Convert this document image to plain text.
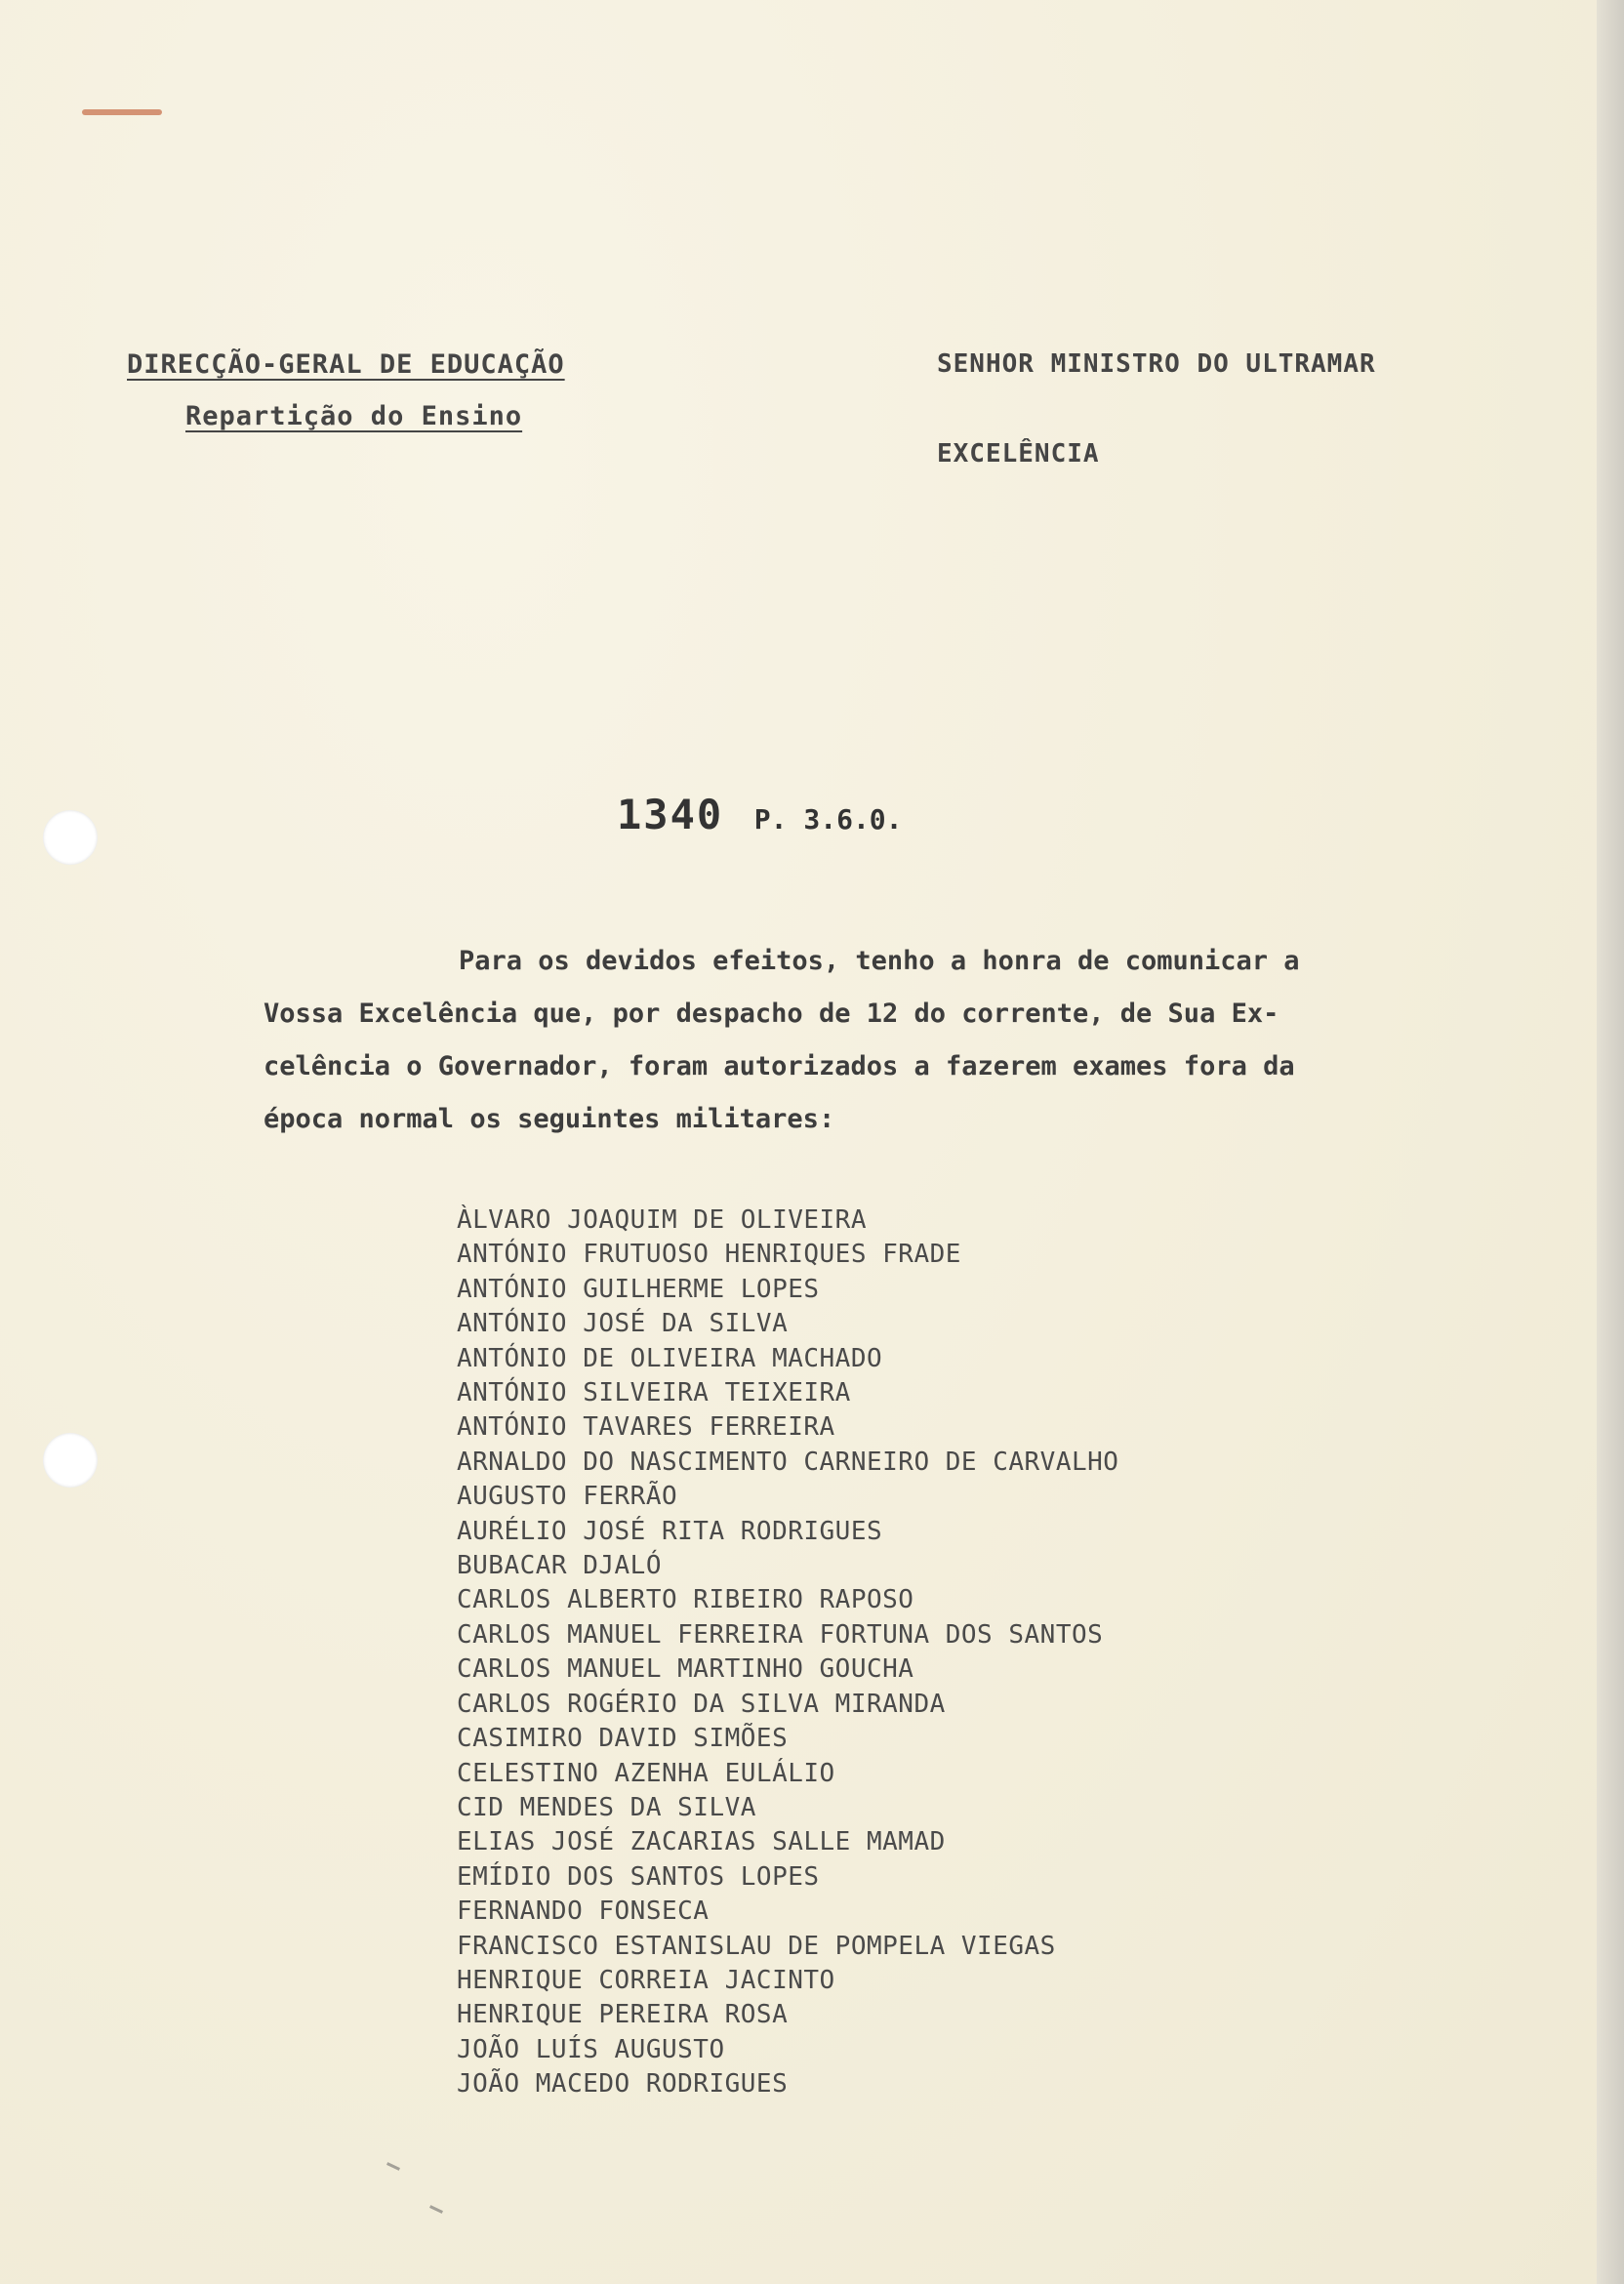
DIRECÇÃO-GERAL DE EDUCAÇÃO
Repartição do Ensino
SENHOR MINISTRO DO ULTRAMAR
EXCELÊNCIA
1340 P. 3.6.0.
Para os devidos efeitos, tenho a honra de comunicar a
Vossa Excelência que, por despacho de 12 do corrente, de Sua Ex-
celência o Governador, foram autorizados a fazerem exames fora da
época normal os seguintes militares:
ÀLVARO JOAQUIM DE OLIVEIRA
ANTÓNIO FRUTUOSO HENRIQUES FRADE
ANTÓNIO GUILHERME LOPES
ANTÓNIO JOSÉ DA SILVA
ANTÓNIO DE OLIVEIRA MACHADO
ANTÓNIO SILVEIRA TEIXEIRA
ANTÓNIO TAVARES FERREIRA
ARNALDO DO NASCIMENTO CARNEIRO DE CARVALHO
AUGUSTO FERRÃO
AURÉLIO JOSÉ RITA RODRIGUES
BUBACAR DJALÓ
CARLOS ALBERTO RIBEIRO RAPOSO
CARLOS MANUEL FERREIRA FORTUNA DOS SANTOS
CARLOS MANUEL MARTINHO GOUCHA
CARLOS ROGÉRIO DA SILVA MIRANDA
CASIMIRO DAVID SIMÕES
CELESTINO AZENHA EULÁLIO
CID MENDES DA SILVA
ELIAS JOSÉ ZACARIAS SALLE MAMAD
EMÍDIO DOS SANTOS LOPES
FERNANDO FONSECA
FRANCISCO ESTANISLAU DE POMPELA VIEGAS
HENRIQUE CORREIA JACINTO
HENRIQUE PEREIRA ROSA
JOÃO LUÍS AUGUSTO
JOÃO MACEDO RODRIGUES
